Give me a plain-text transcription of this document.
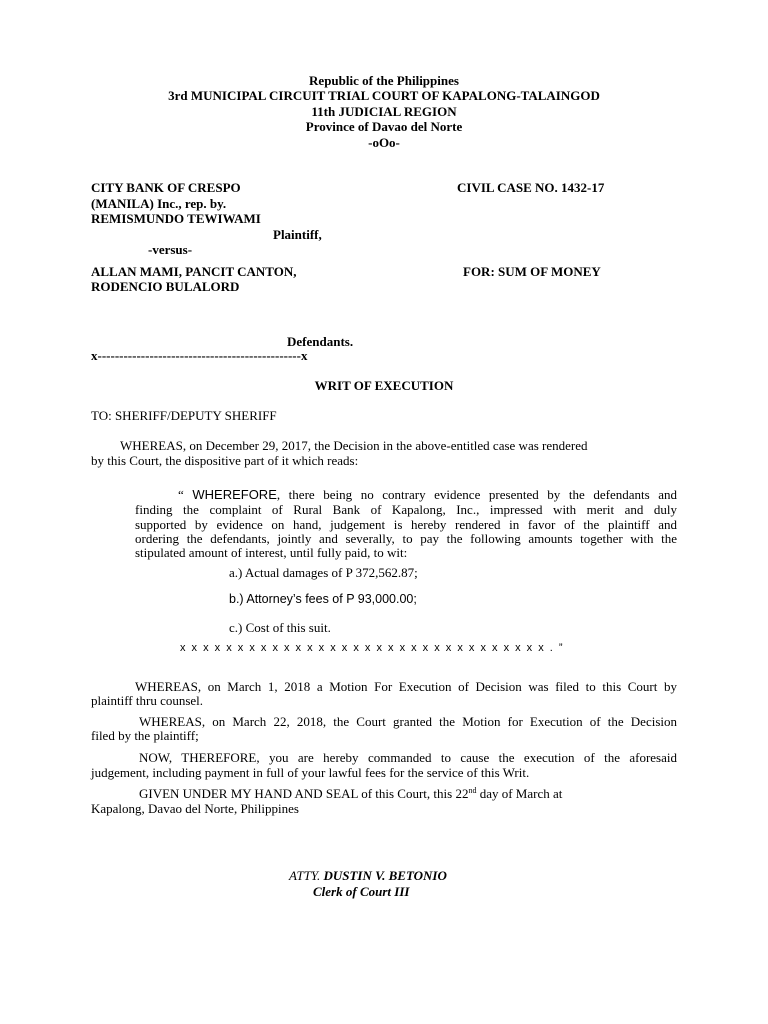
Republic of the Philippines
3rd MUNICIPAL CIRCUIT TRIAL COURT OF KAPALONG-TALAINGOD
11th JUDICIAL REGION
Province of Davao del Norte
-oOo-
CITY BANK OF CRESPO
(MANILA) Inc., rep. by.
REMISMUNDO TEWIWAMI
Plaintiff,
-versus-
ALLAN MAMI, PANCIT CANTON,
RODENCIO BULALORD
Defendants.
x-----------------------------------------------x
CIVIL CASE NO. 1432-17
FOR: SUM OF MONEY
WRIT OF EXECUTION
TO: SHERIFF/DEPUTY SHERIFF
WHEREAS, on December 29, 2017, the Decision in the above-entitled case was rendered
by this Court, the dispositive part of it which reads:
“ WHEREFORE, there being no contrary evidence presented by the defendants and
finding the complaint of Rural Bank of Kapalong, Inc., impressed with merit and duly
supported by evidence on hand, judgement is hereby rendered in favor of the plaintiff and
ordering the defendants, jointly and severally, to pay the following amounts together with the
stipulated amount of interest, until fully paid, to wit:
a.) Actual damages of P 372,562.87;
b.) Attorney’s fees of P 93,000.00;
c.) Cost of this suit.
x x x x x x x x x x x x x x x x x x x x x x x x x x x x x x x x . ”
WHEREAS, on March 1, 2018 a Motion For Execution of Decision was filed to this Court by
plaintiff thru counsel.
WHEREAS, on March 22, 2018, the Court granted the Motion for Execution of the Decision
filed by the plaintiff;
NOW, THEREFORE, you are hereby commanded to cause the execution of the aforesaid
judgement, including payment in full of your lawful fees for the service of this Writ.
GIVEN UNDER MY HAND AND SEAL of this Court, this 22nd day of March at
Kapalong, Davao del Norte, Philippines
ATTY. DUSTIN V. BETONIO
Clerk of Court III
